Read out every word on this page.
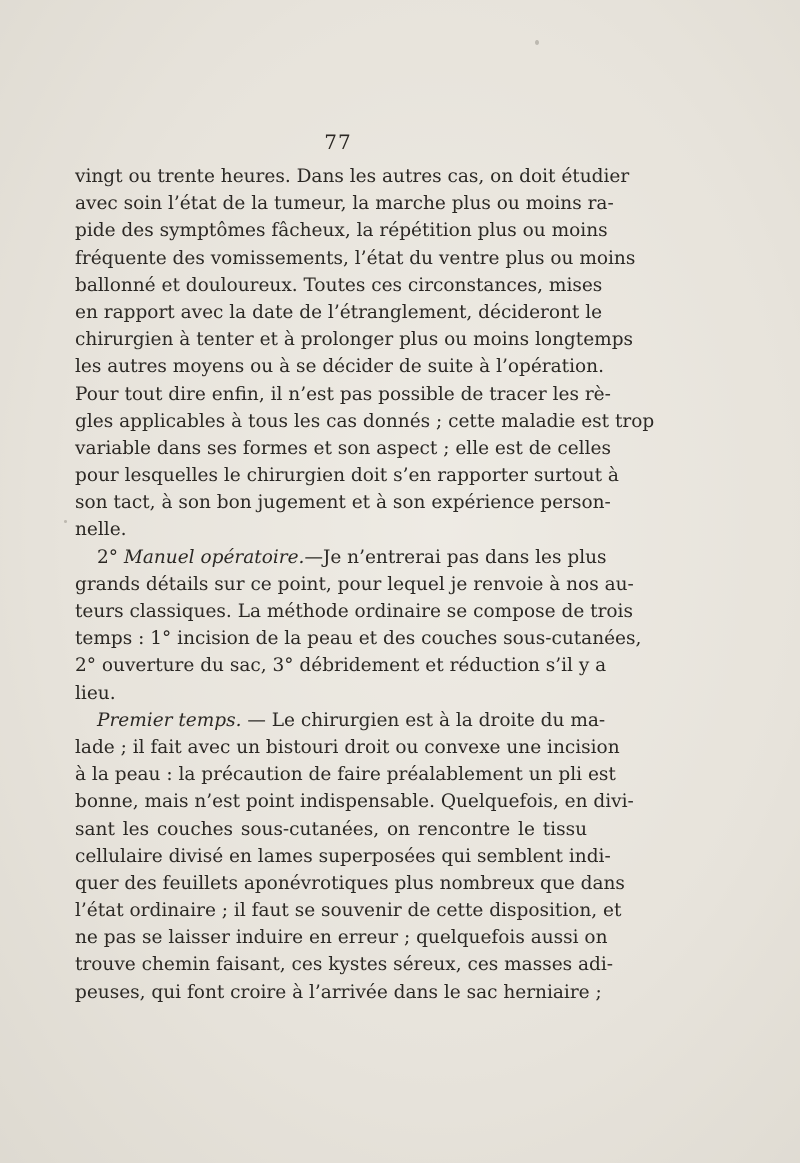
77
vingt ou trente heures. Dans les autres cas, on doit étudier
avec soin l’état de la tumeur, la marche plus ou moins ra-
pide des symptômes fâcheux, la répétition plus ou moins
fréquente des vomissements, l’état du ventre plus ou moins
ballonné et douloureux. Toutes ces circonstances, mises
en rapport avec la date de l’étranglement, décideront le
chirurgien à tenter et à prolonger plus ou moins longtemps
les autres moyens ou à se décider de suite à l’opération.
Pour tout dire enfin, il n’est pas possible de tracer les rè-
gles applicables à tous les cas donnés ; cette maladie est trop
variable dans ses formes et son aspect ; elle est de celles
pour lesquelles le chirurgien doit s’en rapporter surtout à
son tact, à son bon jugement et à son expérience person-
nelle.
2° Manuel opératoire.—Je n’entrerai pas dans les plus
grands détails sur ce point, pour lequel je renvoie à nos au-
teurs classiques. La méthode ordinaire se compose de trois
temps : 1° incision de la peau et des couches sous-cutanées,
2° ouverture du sac, 3° débridement et réduction s’il y a
lieu.
Premier temps. — Le chirurgien est à la droite du ma-
lade ; il fait avec un bistouri droit ou convexe une incision
à la peau : la précaution de faire préalablement un pli est
bonne, mais n’est point indispensable. Quelquefois, en divi-
sant les couches sous-cutanées, on rencontre le tissu
cellulaire divisé en lames superposées qui semblent indi-
quer des feuillets aponévrotiques plus nombreux que dans
l’état ordinaire ; il faut se souvenir de cette disposition, et
ne pas se laisser induire en erreur ; quelquefois aussi on
trouve chemin faisant, ces kystes séreux, ces masses adi-
peuses, qui font croire à l’arrivée dans le sac herniaire ;
